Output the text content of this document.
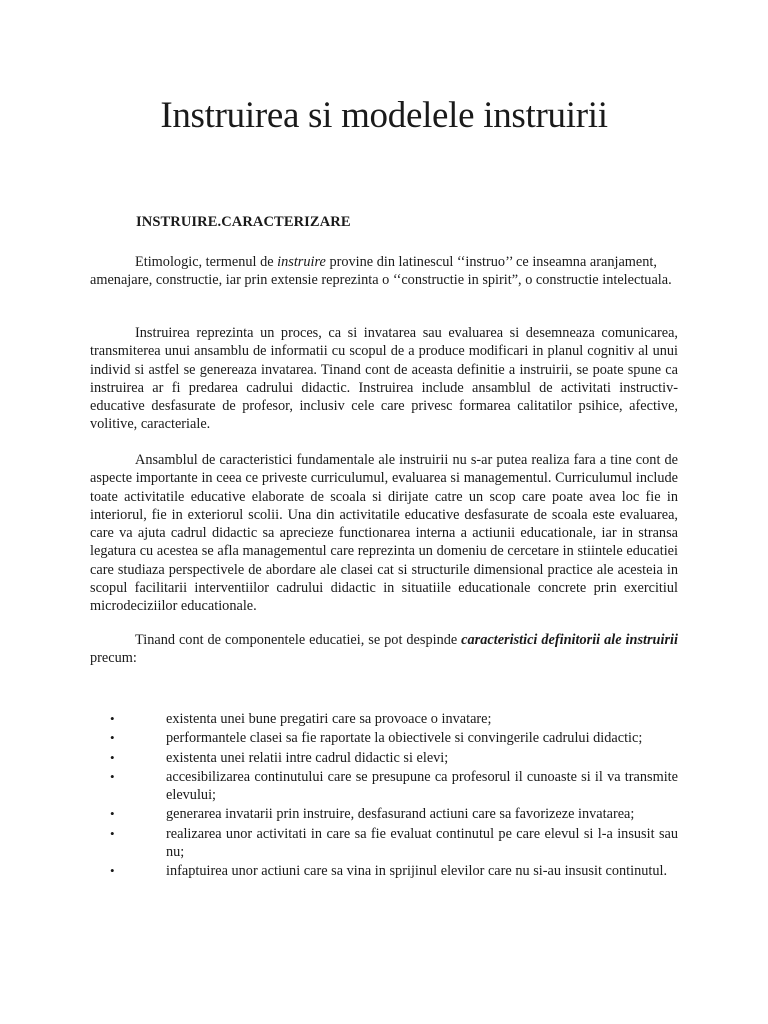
Instruirea si modelele instruirii
INSTRUIRE.CARACTERIZARE

Etimologic, termenul de instruire provine din latinescul ‘‘instruo’’ ce inseamna aranjament, amenajare, constructie, iar prin extensie reprezinta o ‘‘constructie in spirit”, o constructie intelectuala.

Instruirea reprezinta un proces, ca si invatarea sau evaluarea si desemneaza comunicarea, transmiterea unui ansamblu de informatii cu scopul de a produce modificari in planul cognitiv al unui individ si astfel se genereaza invatarea. Tinand cont de aceasta definitie a instruirii, se poate spune ca instruirea ar fi predarea cadrului didactic. Instruirea include ansamblul de activitati instructiv-educative desfasurate de profesor, inclusiv cele care privesc formarea calitatilor psihice, afective, volitive, caracteriale.

Ansamblul de caracteristici fundamentale ale instruirii nu s-ar putea realiza fara a tine cont de aspecte importante in ceea ce priveste curriculumul, evaluarea si managementul. Curriculumul include toate activitatile educative elaborate de scoala si dirijate catre un scop care poate avea loc fie in interiorul, fie in exteriorul scolii. Una din activitatile educative desfasurate de scoala este evaluarea, care va ajuta cadrul didactic sa aprecieze functionarea interna a actiunii educationale, iar in stransa legatura cu acestea se afla managementul care reprezinta un domeniu de cercetare in stiintele educatiei care studiaza perspectivele de abordare ale clasei cat si structurile dimensional practice ale acesteia in scopul facilitarii interventiilor cadrului didactic in situatiile educationale concrete prin exercitiul microdeciziilor educationale.

Tinand cont de componentele educatiei, se pot despinde caracteristici definitorii ale instruirii precum:

•	existenta unei bune pregatiri care sa provoace o invatare;
•	performantele clasei sa fie raportate la obiectivele si convingerile cadrului didactic;
•	existenta unei relatii intre cadrul didactic si elevi;
•	accesibilizarea continutului care se presupune ca profesorul il cunoaste si il va transmite elevului;
•	generarea invatarii prin instruire, desfasurand actiuni care sa favorizeze invatarea;
•	realizarea unor activitati in care sa fie evaluat continutul pe care elevul si l-a insusit sau nu;
•	infaptuirea unor actiuni care sa vina in sprijinul elevilor care nu si-au insusit continutul.
